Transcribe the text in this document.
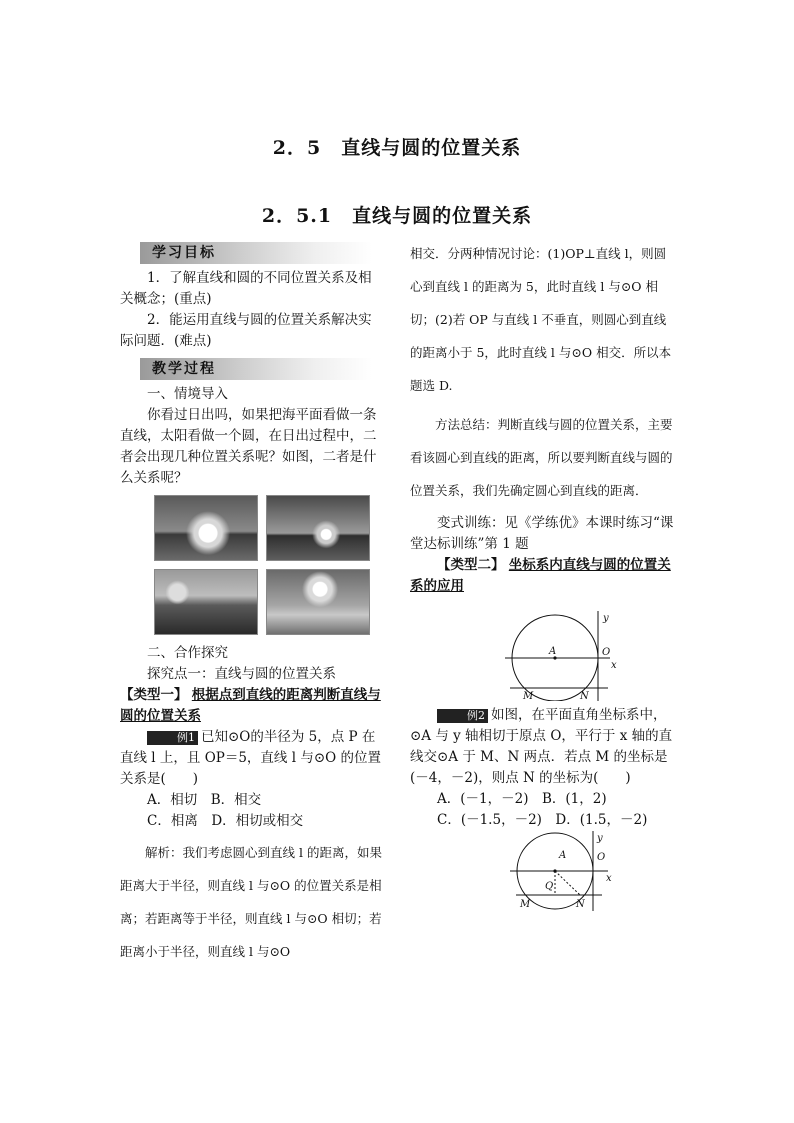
2．5　直线与圆的位置关系
2．5.1　直线与圆的位置关系
学习目标

1．了解直线和圆的不同位置关系及相关概念；(重点)

2．能运用直线与圆的位置关系解决实际问题．(难点)

教学过程

一、情境导入

你看过日出吗，如果把海平面看做一条直线，太阳看做一个圆，在日出过程中，二者会出现几种位置关系呢？如图，二者是什么关系呢？

二、合作探究

探究点一：直线与圆的位置关系

【类型一】 根据点到直线的距离判断直线与圆的位置关系

例1 已知⊙O的半径为 5，点 P 在直线 l 上，且 OP＝5，直线 l 与⊙O 的位置关系是(　　)

A．相切　B．相交

C．相离　D．相切或相交

解析：我们考虑圆心到直线 l 的距离，如果距离大于半径，则直线 l 与⊙O 的位置关系是相离；若距离等于半径，则直线 l 与⊙O 相切；若距离小于半径，则直线 l 与⊙O

相交．分两种情况讨论：(1)OP⊥直线 l，则圆心到直线 l 的距离为 5，此时直线 l 与⊙O 相切；(2)若 OP 与直线 l 不垂直，则圆心到直线的距离小于 5，此时直线 l 与⊙O 相交．所以本题选 D.

方法总结：判断直线与圆的位置关系，主要看该圆心到直线的距离，所以要判断直线与圆的位置关系，我们先确定圆心到直线的距离．

变式训练：见《学练优》本课时练习“课堂达标训练”第 1 题

【类型二】 坐标系内直线与圆的位置关系的应用

A	O
M	N
y
x

例2 如图，在平面直角坐标系中，⊙A 与 y 轴相切于原点 O，平行于 x 轴的直线交⊙A 于 M、N 两点．若点 M 的坐标是(－4，－2)，则点 N 的坐标为(　　)

A．(－1，－2)　B．(1，2)

C．(－1.5，－2)　D．(1.5，－2)

A	O
Q
M	N
y
x
